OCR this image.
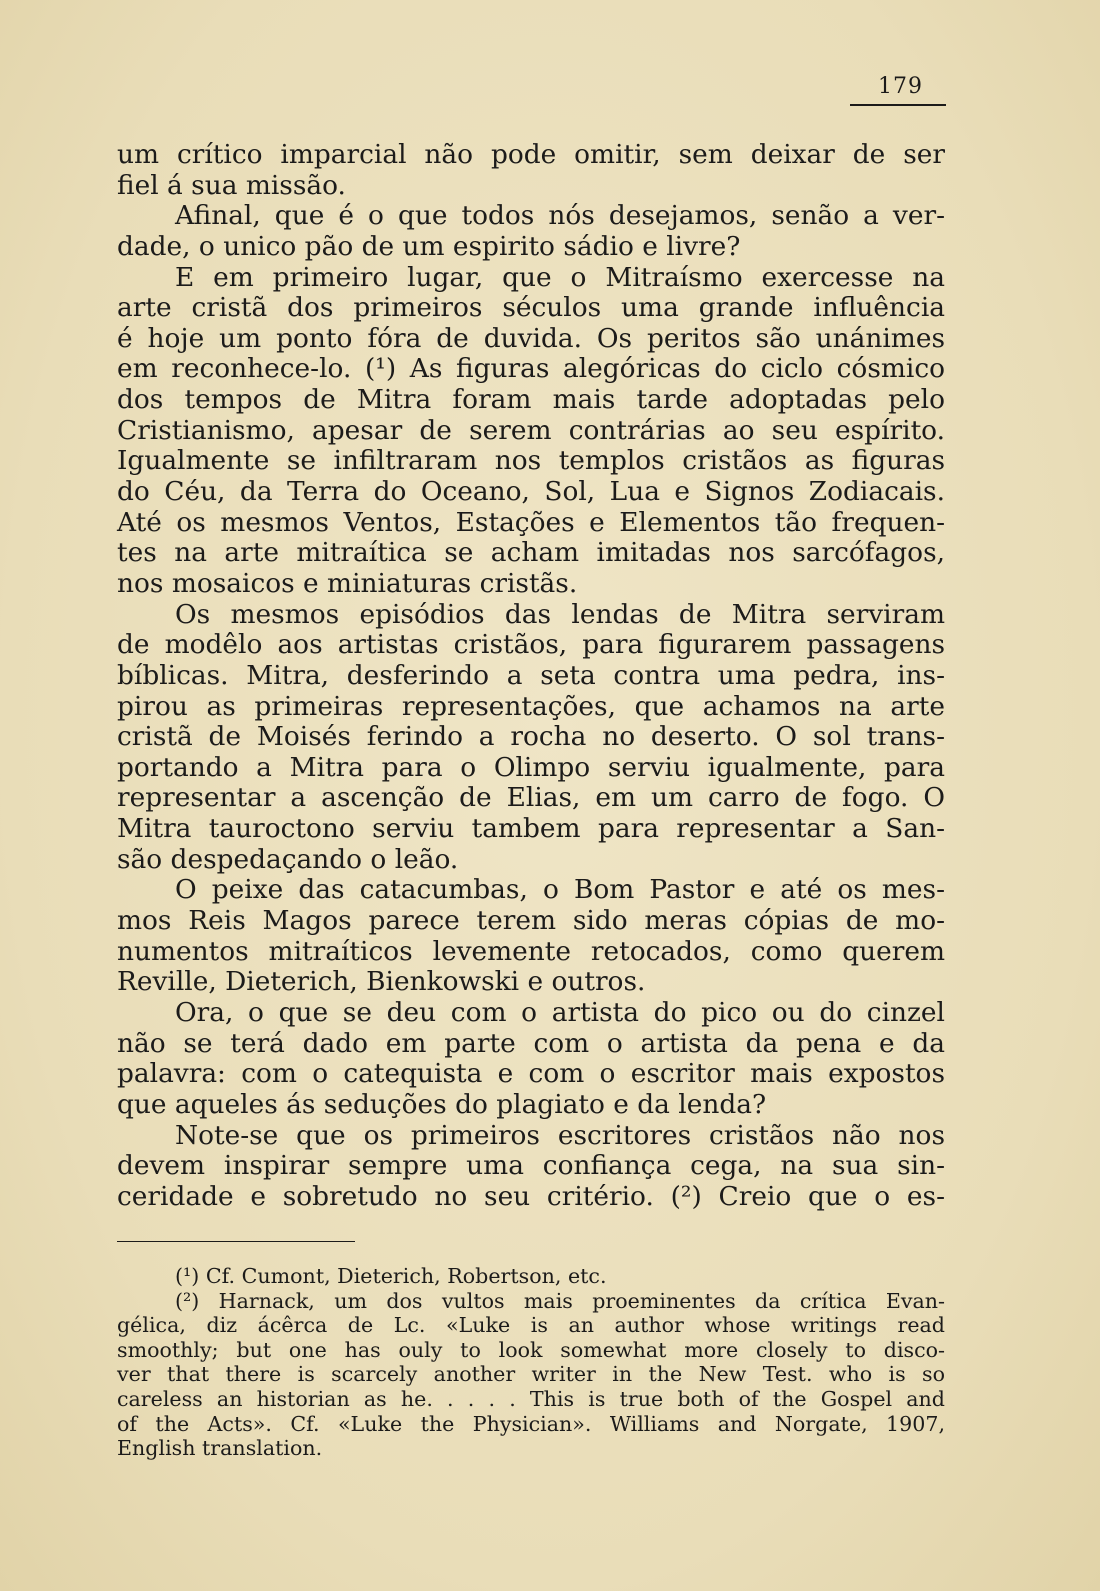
179
um crítico imparcial não pode omitir, sem deixar de ser
fiel á sua missão.
Afinal, que é o que todos nós desejamos, senão a ver-
dade, o unico pão de um espirito sádio e livre?
E em primeiro lugar, que o Mitraísmo exercesse na
arte cristã dos primeiros séculos uma grande influência
é hoje um ponto fóra de duvida. Os peritos são unánimes
em reconhece-lo. (¹) As figuras alegóricas do ciclo cósmico
dos tempos de Mitra foram mais tarde adoptadas pelo
Cristianismo, apesar de serem contrárias ao seu espírito.
Igualmente se infiltraram nos templos cristãos as figuras
do Céu, da Terra do Oceano, Sol, Lua e Signos Zodiacais.
Até os mesmos Ventos, Estações e Elementos tão frequen-
tes na arte mitraítica se acham imitadas nos sarcófagos,
nos mosaicos e miniaturas cristãs.
Os mesmos episódios das lendas de Mitra serviram
de modêlo aos artistas cristãos, para figurarem passagens
bíblicas. Mitra, desferindo a seta contra uma pedra, ins-
pirou as primeiras representações, que achamos na arte
cristã de Moisés ferindo a rocha no deserto. O sol trans-
portando a Mitra para o Olimpo serviu igualmente, para
representar a ascenção de Elias, em um carro de fogo. O
Mitra tauroctono serviu tambem para representar a San-
são despedaçando o leão.
O peixe das catacumbas, o Bom Pastor e até os mes-
mos Reis Magos parece terem sido meras cópias de mo-
numentos mitraíticos levemente retocados, como querem
Reville, Dieterich, Bienkowski e outros.
Ora, o que se deu com o artista do pico ou do cinzel
não se terá dado em parte com o artista da pena e da
palavra: com o catequista e com o escritor mais expostos
que aqueles ás seduções do plagiato e da lenda?
Note-se que os primeiros escritores cristãos não nos
devem inspirar sempre uma confiança cega, na sua sin-
ceridade e sobretudo no seu critério. (²) Creio que o es-
(¹) Cf. Cumont, Dieterich, Robertson, etc.
(²) Harnack, um dos vultos mais proeminentes da crítica Evan-
gélica, diz ácêrca de Lc. «Luke is an author whose writings read
smoothly; but one has ouly to look somewhat more closely to disco-
ver that there is scarcely another writer in the New Test. who is so
careless an historian as he. . . . . This is true both of the Gospel and
of the Acts». Cf. «Luke the Physician». Williams and Norgate, 1907,
English translation.
